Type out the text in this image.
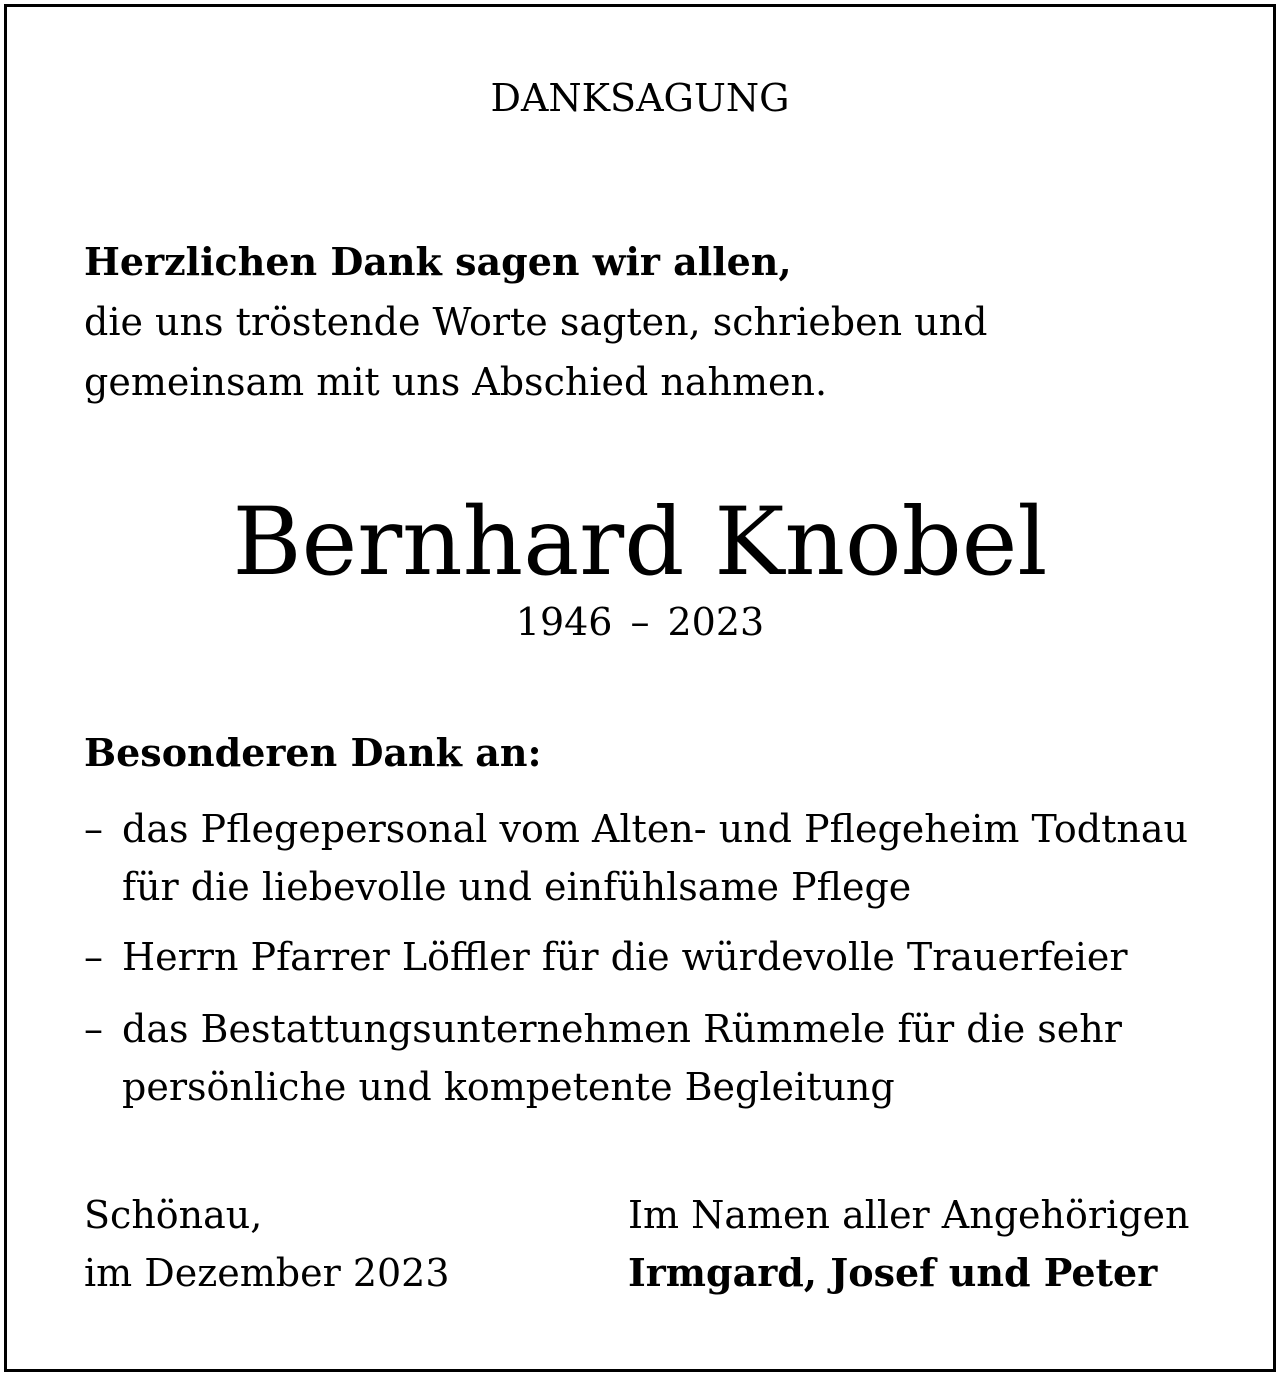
DANKSAGUNG
Herzlichen Dank sagen wir allen,
die uns tröstende Worte sagten, schrieben und
gemeinsam mit uns Abschied nahmen.
Bernhard Knobel
1946 – 2023
Besonderen Dank an:
– das Pflegepersonal vom Alten- und Pflegeheim Todtnau
für die liebevolle und einfühlsame Pflege
– Herrn Pfarrer Löffler für die würdevolle Trauerfeier
– das Bestattungsunternehmen Rümmele für die sehr
persönliche und kompetente Begleitung
Schönau,
im Dezember 2023
Im Namen aller Angehörigen
Irmgard, Josef und Peter
